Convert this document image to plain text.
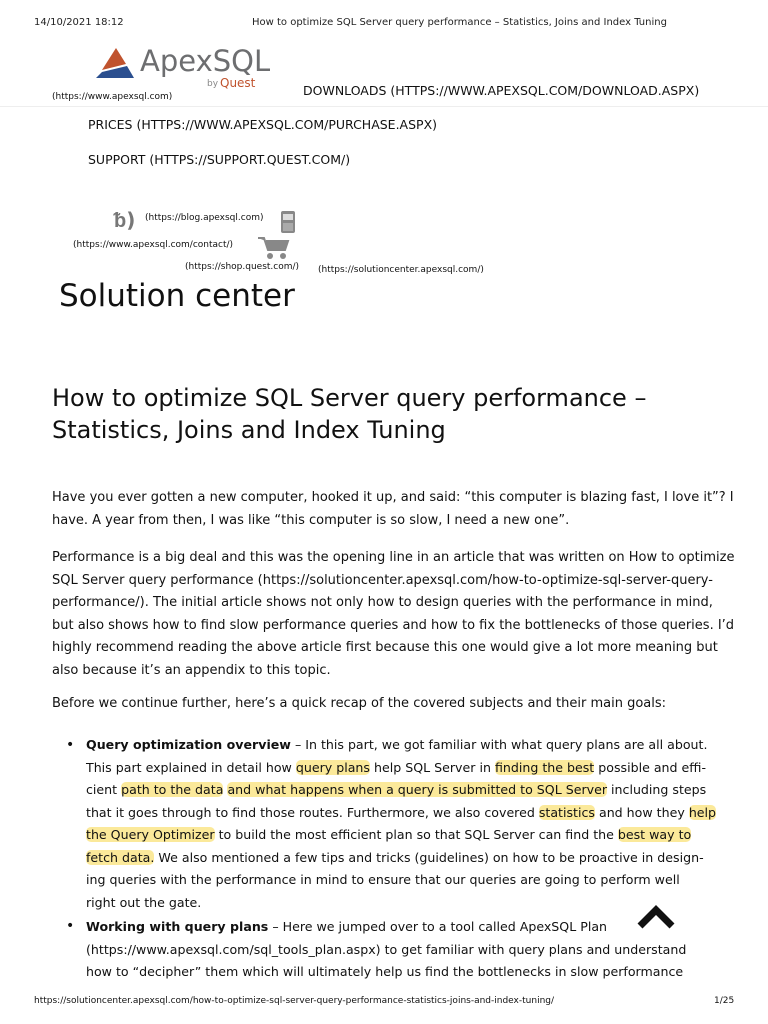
14/10/2021 18:12	How to optimize SQL Server query performance – Statistics, Joins and Index Tuning
ApexSQL
by Quest
(https://www.apexsql.com)	DOWNLOADS (HTTPS://WWW.APEXSQL.COM/DOWNLOAD.ASPX)
PRICES (HTTPS://WWW.APEXSQL.COM/PURCHASE.ASPX)
SUPPORT (HTTPS://SUPPORT.QUEST.COM/)
ᵬ) (https://blog.apexsql.com)
(https://www.apexsql.com/contact/)
(https://shop.quest.com/) (https://solutioncenter.apexsql.com/)
Solution center
How to optimize SQL Server query performance –
Statistics, Joins and Index Tuning
Have you ever gotten a new computer, hooked it up, and said: “this computer is blazing fast, I love it”? I
have. A year from then, I was like “this computer is so slow, I need a new one”.
Performance is a big deal and this was the opening line in an article that was written on How to optimize
SQL Server query performance (https://solutioncenter.apexsql.com/how-to-optimize-sql-server-query-
performance/). The initial article shows not only how to design queries with the performance in mind,
but also shows how to find slow performance queries and how to fix the bottlenecks of those queries. I’d
highly recommend reading the above article first because this one would give a lot more meaning but
also because it’s an appendix to this topic.
Before we continue further, here’s a quick recap of the covered subjects and their main goals:
• Query optimization overview – In this part, we got familiar with what query plans are all about.
This part explained in detail how query plans help SQL Server in finding the best possible and effi-
cient path to the data and what happens when a query is submitted to SQL Server including steps
that it goes through to find those routes. Furthermore, we also covered statistics and how they help
the Query Optimizer to build the most efficient plan so that SQL Server can find the best way to
fetch data. We also mentioned a few tips and tricks (guidelines) on how to be proactive in design-
ing queries with the performance in mind to ensure that our queries are going to perform well
right out the gate.
• Working with query plans – Here we jumped over to a tool called ApexSQL Plan
(https://www.apexsql.com/sql_tools_plan.aspx) to get familiar with query plans and understand
how to “decipher” them which will ultimately help us find the bottlenecks in slow performance
https://solutioncenter.apexsql.com/how-to-optimize-sql-server-query-performance-statistics-joins-and-index-tuning/	1/25
